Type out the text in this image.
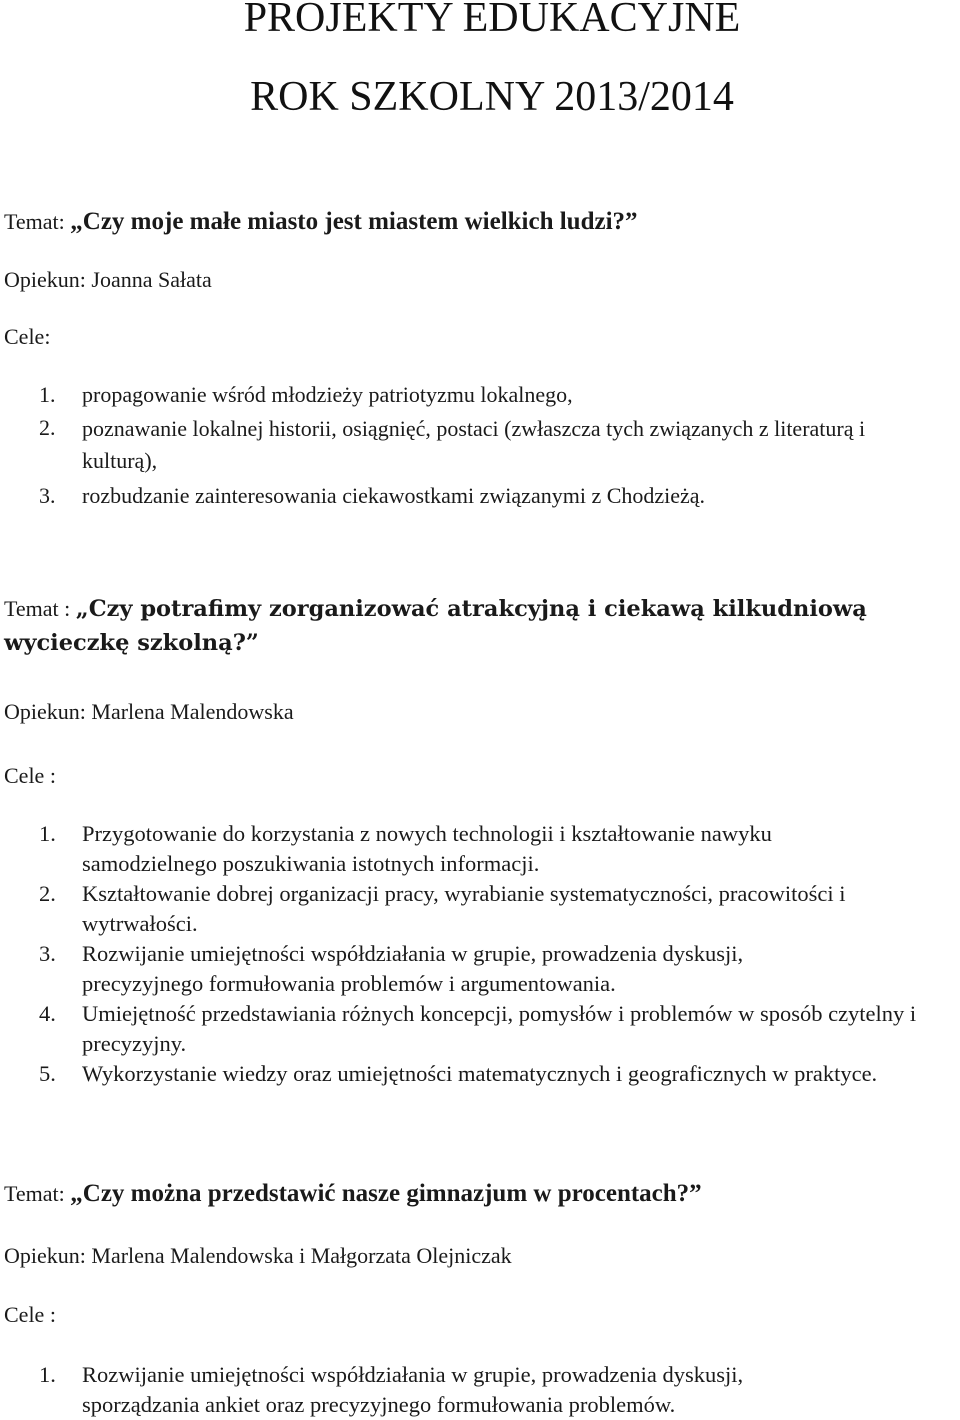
PROJEKTY EDUKACYJNE
ROK SZKOLNY 2013/2014
Temat: „Czy moje małe miasto jest miastem wielkich ludzi?”
Opiekun: Joanna Sałata
Cele:
1. propagowanie wśród młodzieży patriotyzmu lokalnego,
2. poznawanie lokalnej historii, osiągnięć, postaci (zwłaszcza tych związanych z literaturą i kulturą),
3. rozbudzanie zainteresowania ciekawostkami związanymi z Chodzieżą.
Temat : „Czy potrafimy zorganizować atrakcyjną i ciekawą kilkudniową wycieczkę szkolną?”
Opiekun: Marlena Malendowska
Cele :
1. Przygotowanie do korzystania z nowych technologii i kształtowanie nawyku samodzielnego poszukiwania istotnych informacji.
2. Kształtowanie dobrej organizacji pracy, wyrabianie systematyczności, pracowitości i wytrwałości.
3. Rozwijanie umiejętności współdziałania w grupie, prowadzenia dyskusji, precyzyjnego formułowania problemów i argumentowania.
4. Umiejętność przedstawiania różnych koncepcji, pomysłów i problemów w sposób czytelny i precyzyjny.
5. Wykorzystanie wiedzy oraz umiejętności matematycznych i geograficznych w praktyce.
Temat: „Czy można przedstawić nasze gimnazjum w procentach?”
Opiekun: Marlena Malendowska i Małgorzata Olejniczak
Cele :
1. Rozwijanie umiejętności współdziałania w grupie, prowadzenia dyskusji, sporządzania ankiet oraz precyzyjnego formułowania problemów.
